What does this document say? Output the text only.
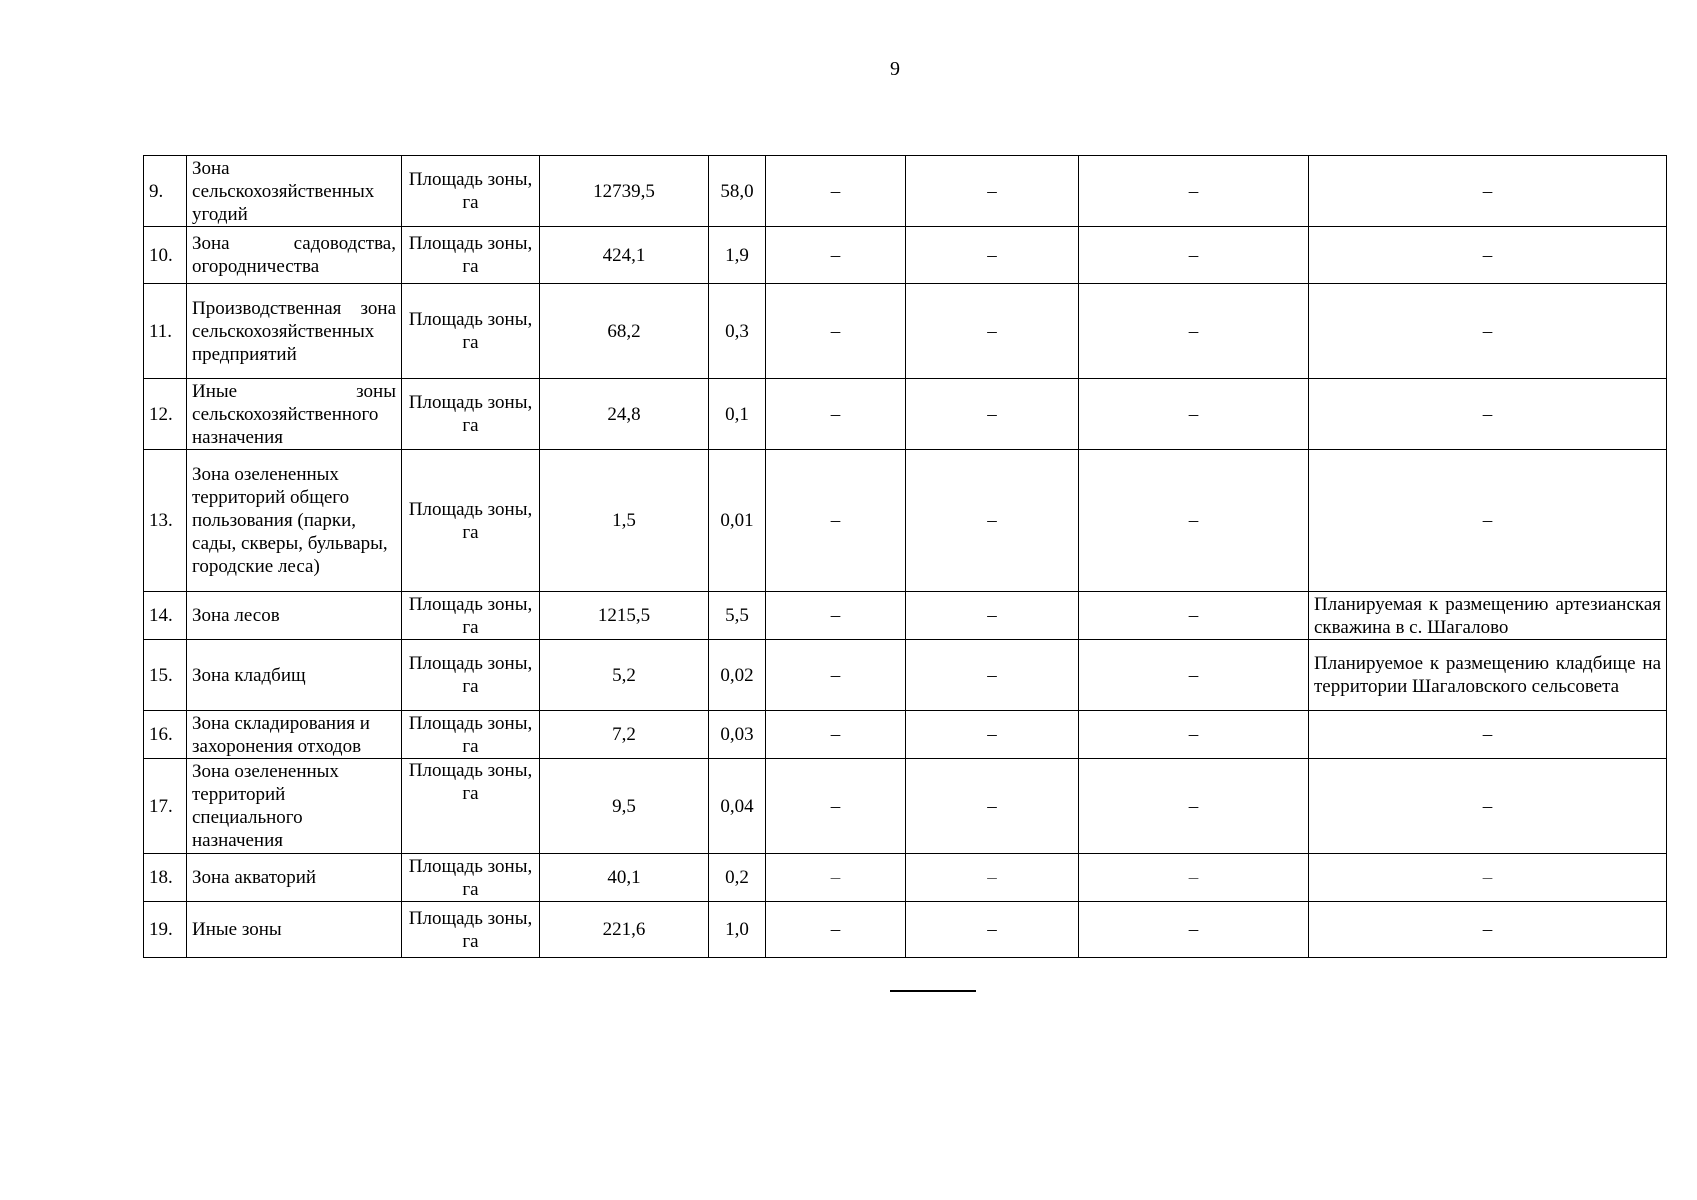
9
9.	Зона сельскохозяйственных угодий	Площадь зоны, га	12739,5	58,0	–	–	–	–
10.	Зона садоводства, огородничества	Площадь зоны, га	424,1	1,9	–	–	–	–
11.	Производственная зона сельскохозяйственных предприятий	Площадь зоны, га	68,2	0,3	–	–	–	–
12.	Иные зоны сельскохозяйственного назначения	Площадь зоны, га	24,8	0,1	–	–	–	–
13.	Зона озелененных территорий общего пользования (парки, сады, скверы, бульвары, городские леса)	Площадь зоны, га	1,5	0,01	–	–	–	–
14.	Зона лесов	Площадь зоны, га	1215,5	5,5	–	–	–	Планируемая к размещению артезианская скважина в с. Шагалово
15.	Зона кладбищ	Площадь зоны, га	5,2	0,02	–	–	–	Планируемое к размещению кладбище на территории Шагаловского сельсовета
16.	Зона складирования и захоронения отходов	Площадь зоны, га	7,2	0,03	–	–	–	–
17.	Зона озелененных территорий специального назначения	Площадь зоны, га	9,5	0,04	–	–	–	–
18.	Зона акваторий	Площадь зоны, га	40,1	0,2	–	–	–	–
19.	Иные зоны	Площадь зоны, га	221,6	1,0	–	–	–	–
